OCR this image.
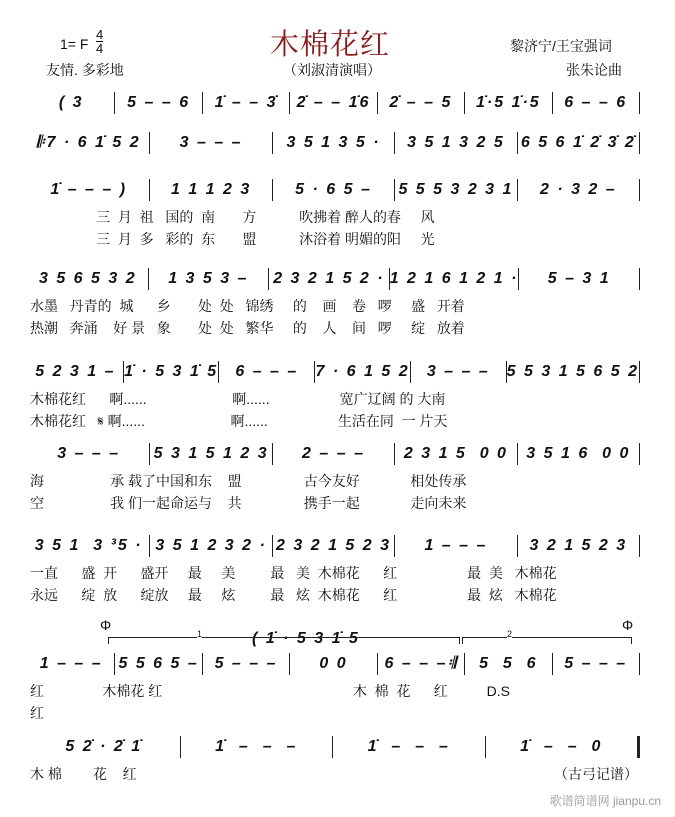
1= F
4
4
友情. 多彩地
木棉花红
（刘淑清演唱）
黎济宁/王宝强词
张朱论曲
( 3	5 – – 6	1̇ – – 3̇	2̇ – – 1̇6	2̇ – – 5	1̇·5 1̇·5	6 – – 6
𝄆7 · 6 1̇ 5 2	3 – – –	3 5 1 3 5 ·	3 5 1 3 2 5	6 5 6 1̇ 2̇ 3̇ 2̇
1̇ – – – )	1 1 1 2 3	5 · 6 5 –	5 5 5 3 2 3 1	2 · 3 2 –
三  月  祖   国的  南       方           吹拂着 醉人的春     风
三  月  多   彩的  东       盟           沐浴着 明媚的阳     光
3 5 6 5 3 2	1 3 5 3 –	2 3 2 1 5 2 · 1 2 1 6 1 2 1 ·	5 – 3 1
水墨   丹青的  城      乡       处  处   锦绣     的    画    卷   啰     盛   开着
热潮   奔涌    好 景   象       处  处   繁华     的    人    间   啰     绽   放着
5 2 3 1 – 1̇ · 5 3 1̇ 5	6 – – –	7 · 6 1 5 2	3 – – –	5 5 3 1 5 6 5 2
木棉花红      啊......                      啊......                  宽广辽阔 的 大南
木棉花红   𝄋 啊......                      啊......                  生活在同  一 片天
3 – – –	5 3 1 5 1 2 3	2 – – –	2 3 1 5  0 0	3 5 1 6  0 0
海                 承 载了中国和东    盟                古今友好             相处传承
空                 我 们一起命运与    共                携手一起             走向未来
3 5 1  3 ³5 · 3 5 1 2 3 2 · 2 3 2 1 5 2 3	1 – – –	3 2 1 5 2 3
一直      盛  开      盛开     最     美         最   美  木棉花      红                  最  美   木棉花
永远      绽  放      绽放     最     炫         最   炫  木棉花      红                  最  炫   木棉花
1 – – – 5 5 6 5 – 5 – – –	0 0	6 – – –𝄇	5  5  6	5 – – –
红               木棉花 红                                                 木  棉  花      红          D.S
红
5 2̇ · 2̇ 1̇	1̇  –  –  –	1̇  –  –  –	1̇  –  –  0
木 棉        花    红
( 1̇ · 5 3 1̇ 5
Φ	Φ
1	2
（古弓记谱）
歌谱简谱网 jianpu.cn
